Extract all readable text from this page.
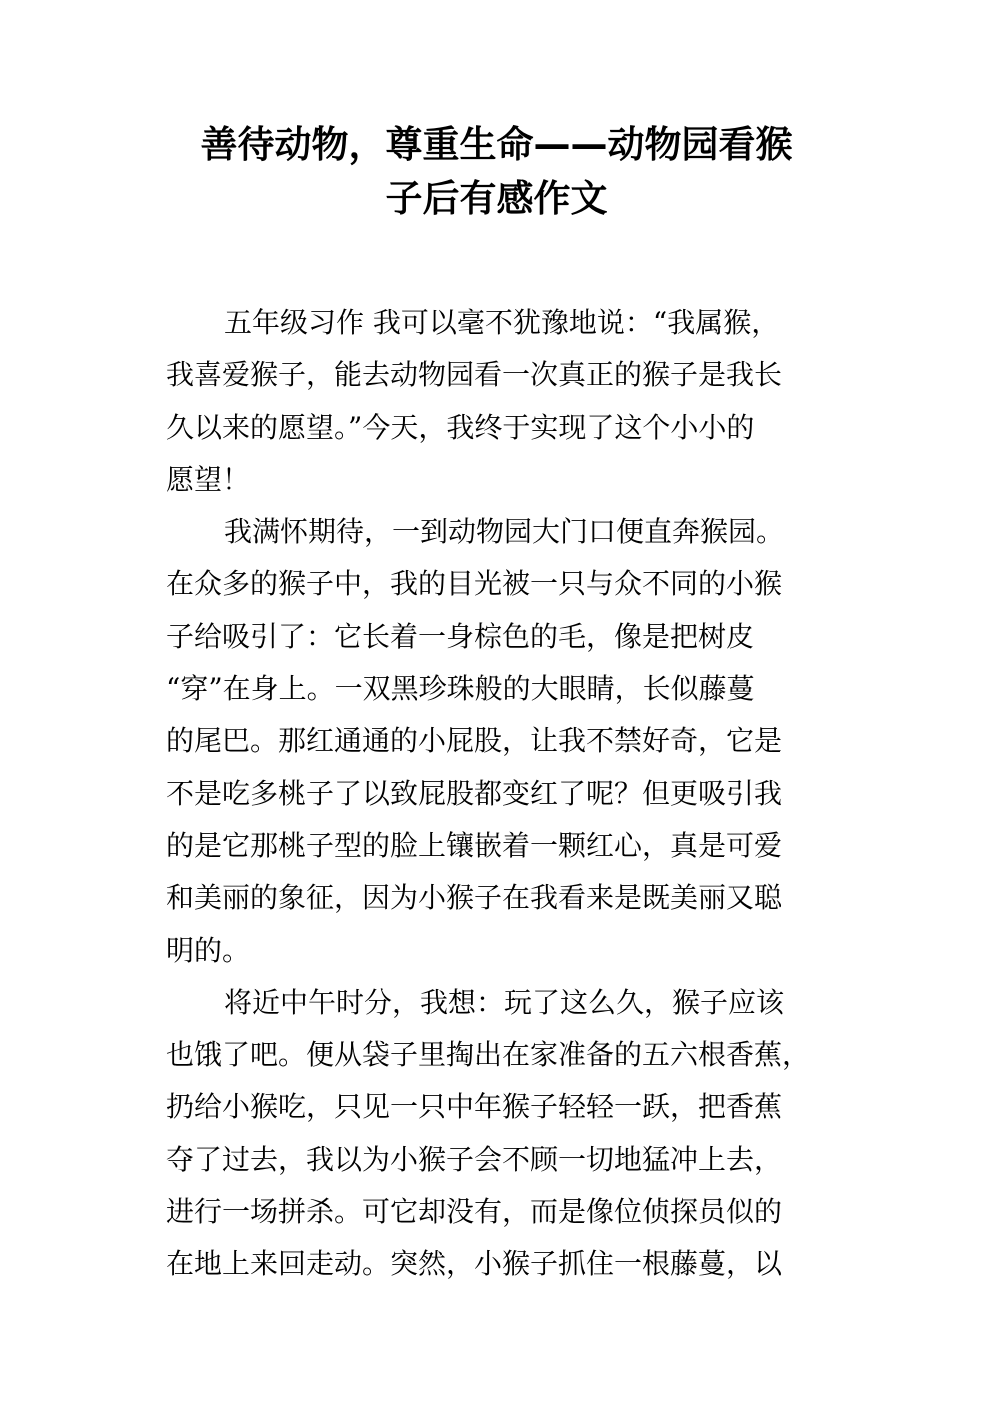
善待动物，尊重生命——动物园看猴
子后有感作文
五年级习作 我可以毫不犹豫地说：“我属猴，
我喜爱猴子，能去动物园看一次真正的猴子是我长
久以来的愿望。”今天，我终于实现了这个小小的
愿望！
我满怀期待，一到动物园大门口便直奔猴园。
在众多的猴子中，我的目光被一只与众不同的小猴
子给吸引了：它长着一身棕色的毛，像是把树皮
“穿”在身上。一双黑珍珠般的大眼睛，长似藤蔓
的尾巴。那红通通的小屁股，让我不禁好奇，它是
不是吃多桃子了以致屁股都变红了呢？但更吸引我
的是它那桃子型的脸上镶嵌着一颗红心，真是可爱
和美丽的象征，因为小猴子在我看来是既美丽又聪
明的。
将近中午时分，我想：玩了这么久，猴子应该
也饿了吧。便从袋子里掏出在家准备的五六根香蕉，
扔给小猴吃，只见一只中年猴子轻轻一跃，把香蕉
夺了过去，我以为小猴子会不顾一切地猛冲上去，
进行一场拼杀。可它却没有，而是像位侦探员似的
在地上来回走动。突然，小猴子抓住一根藤蔓，以
